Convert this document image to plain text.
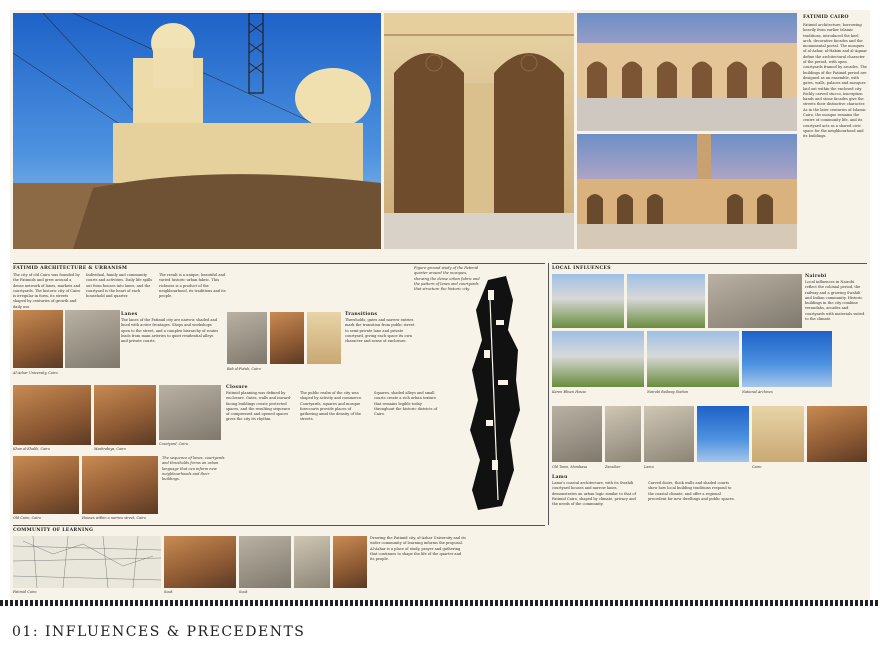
FATIMID CAIRO
Fatimid architecture, borrowing heavily from earlier Islamic traditions, introduced the keel arch, decorative facades and the monumental portal. The mosques of al-Azhar, al-Hakim and al-Aqmar define the architectural character of the period, with open courtyards framed by arcades. The buildings of the Fatimid period are designed as an ensemble, with gates, walls, palaces and mosques laid out within the enclosed city. Richly carved stucco, inscription bands and stone facades give the streets their distinctive character. As in the later centuries of Islamic Cairo, the mosque remains the centre of community life, and its courtyard acts as a shared civic space for the neighbourhood and its buildings.
FATIMID ARCHITECTURE & URBANISM
The city of old Cairo was founded by the Fatimids and grew around a dense network of lanes, markets and courtyards. The historic city of Cairo is irregular in form, its streets shaped by centuries of growth and daily use.
Individual, family and community courts and activities. Daily life spills out from houses into lanes, and the courtyard is the heart of each household and quarter.
The result is a unique, beautiful and varied historic urban fabric. This richness is a product of the neighbourhood, its traditions and its people.
Al-Azhar University, Cairo
Lanes
The lanes of the Fatimid city are narrow, shaded and lined with active frontages. Shops and workshops open to the street, and a complex hierarchy of routes leads from main arteries to quiet residential alleys and private courts.
Bab al-Futuh, Cairo
Transitions
Thresholds, gates and narrow entries mark the transition from public street to semi-private lane and private courtyard, giving each space its own character and sense of enclosure.
Khan al-Khalili, Cairo	Mashrabiya, Cairo
Courtyard, Cairo
Closure
Fatimid planning was defined by enclosure. Gates, walls and inward-facing buildings create protected spaces, and the resulting sequence of compressed and opened spaces gives the city its rhythm.
The public realm of the city was shaped by activity and commerce. Courtyards, squares and mosque forecourts provide places of gathering amid the density of the streets.
Squares, shaded alleys and small courts create a rich urban texture that remains legible today throughout the historic districts of Cairo.
Old Cairo, Cairo	Houses within a narrow street, Cairo
The sequence of lanes, courtyards and thresholds forms an urban language that can inform new neighbourhoods and their buildings.
Figure-ground study of the Fatimid quarter around the mosques, showing the dense urban fabric and the pattern of lanes and courtyards that structure the historic city.
LOCAL INFLUENCES
Nairobi
Local influences in Nairobi reflect the colonial period, the railway and a growing Swahili and Indian community. Historic buildings in the city combine verandahs, arcades and courtyards with materials suited to the climate.
Karen Blixen House	Nairobi Railway Station	National Archives
Old Town, Mombasa	Zanzibar	Lamu	Cairo
Lamu
Lamu's coastal architecture, with its Swahili courtyard houses and narrow lanes, demonstrates an urban logic similar to that of Fatimid Cairo, shaped by climate, privacy and the needs of the community.
Carved doors, thick walls and shaded courts show how local building traditions respond to the coastal climate, and offer a regional precedent for new dwellings and public spaces.
COMMUNITY OF LEARNING
Fatimid Cairo	Souk	Souk
Drawing the Fatimid city, al-Azhar University and its wider community of learning informs the proposal. Al-Azhar is a place of study, prayer and gathering that continues to shape the life of the quarter and its people.
01: INFLUENCES & PRECEDENTS
